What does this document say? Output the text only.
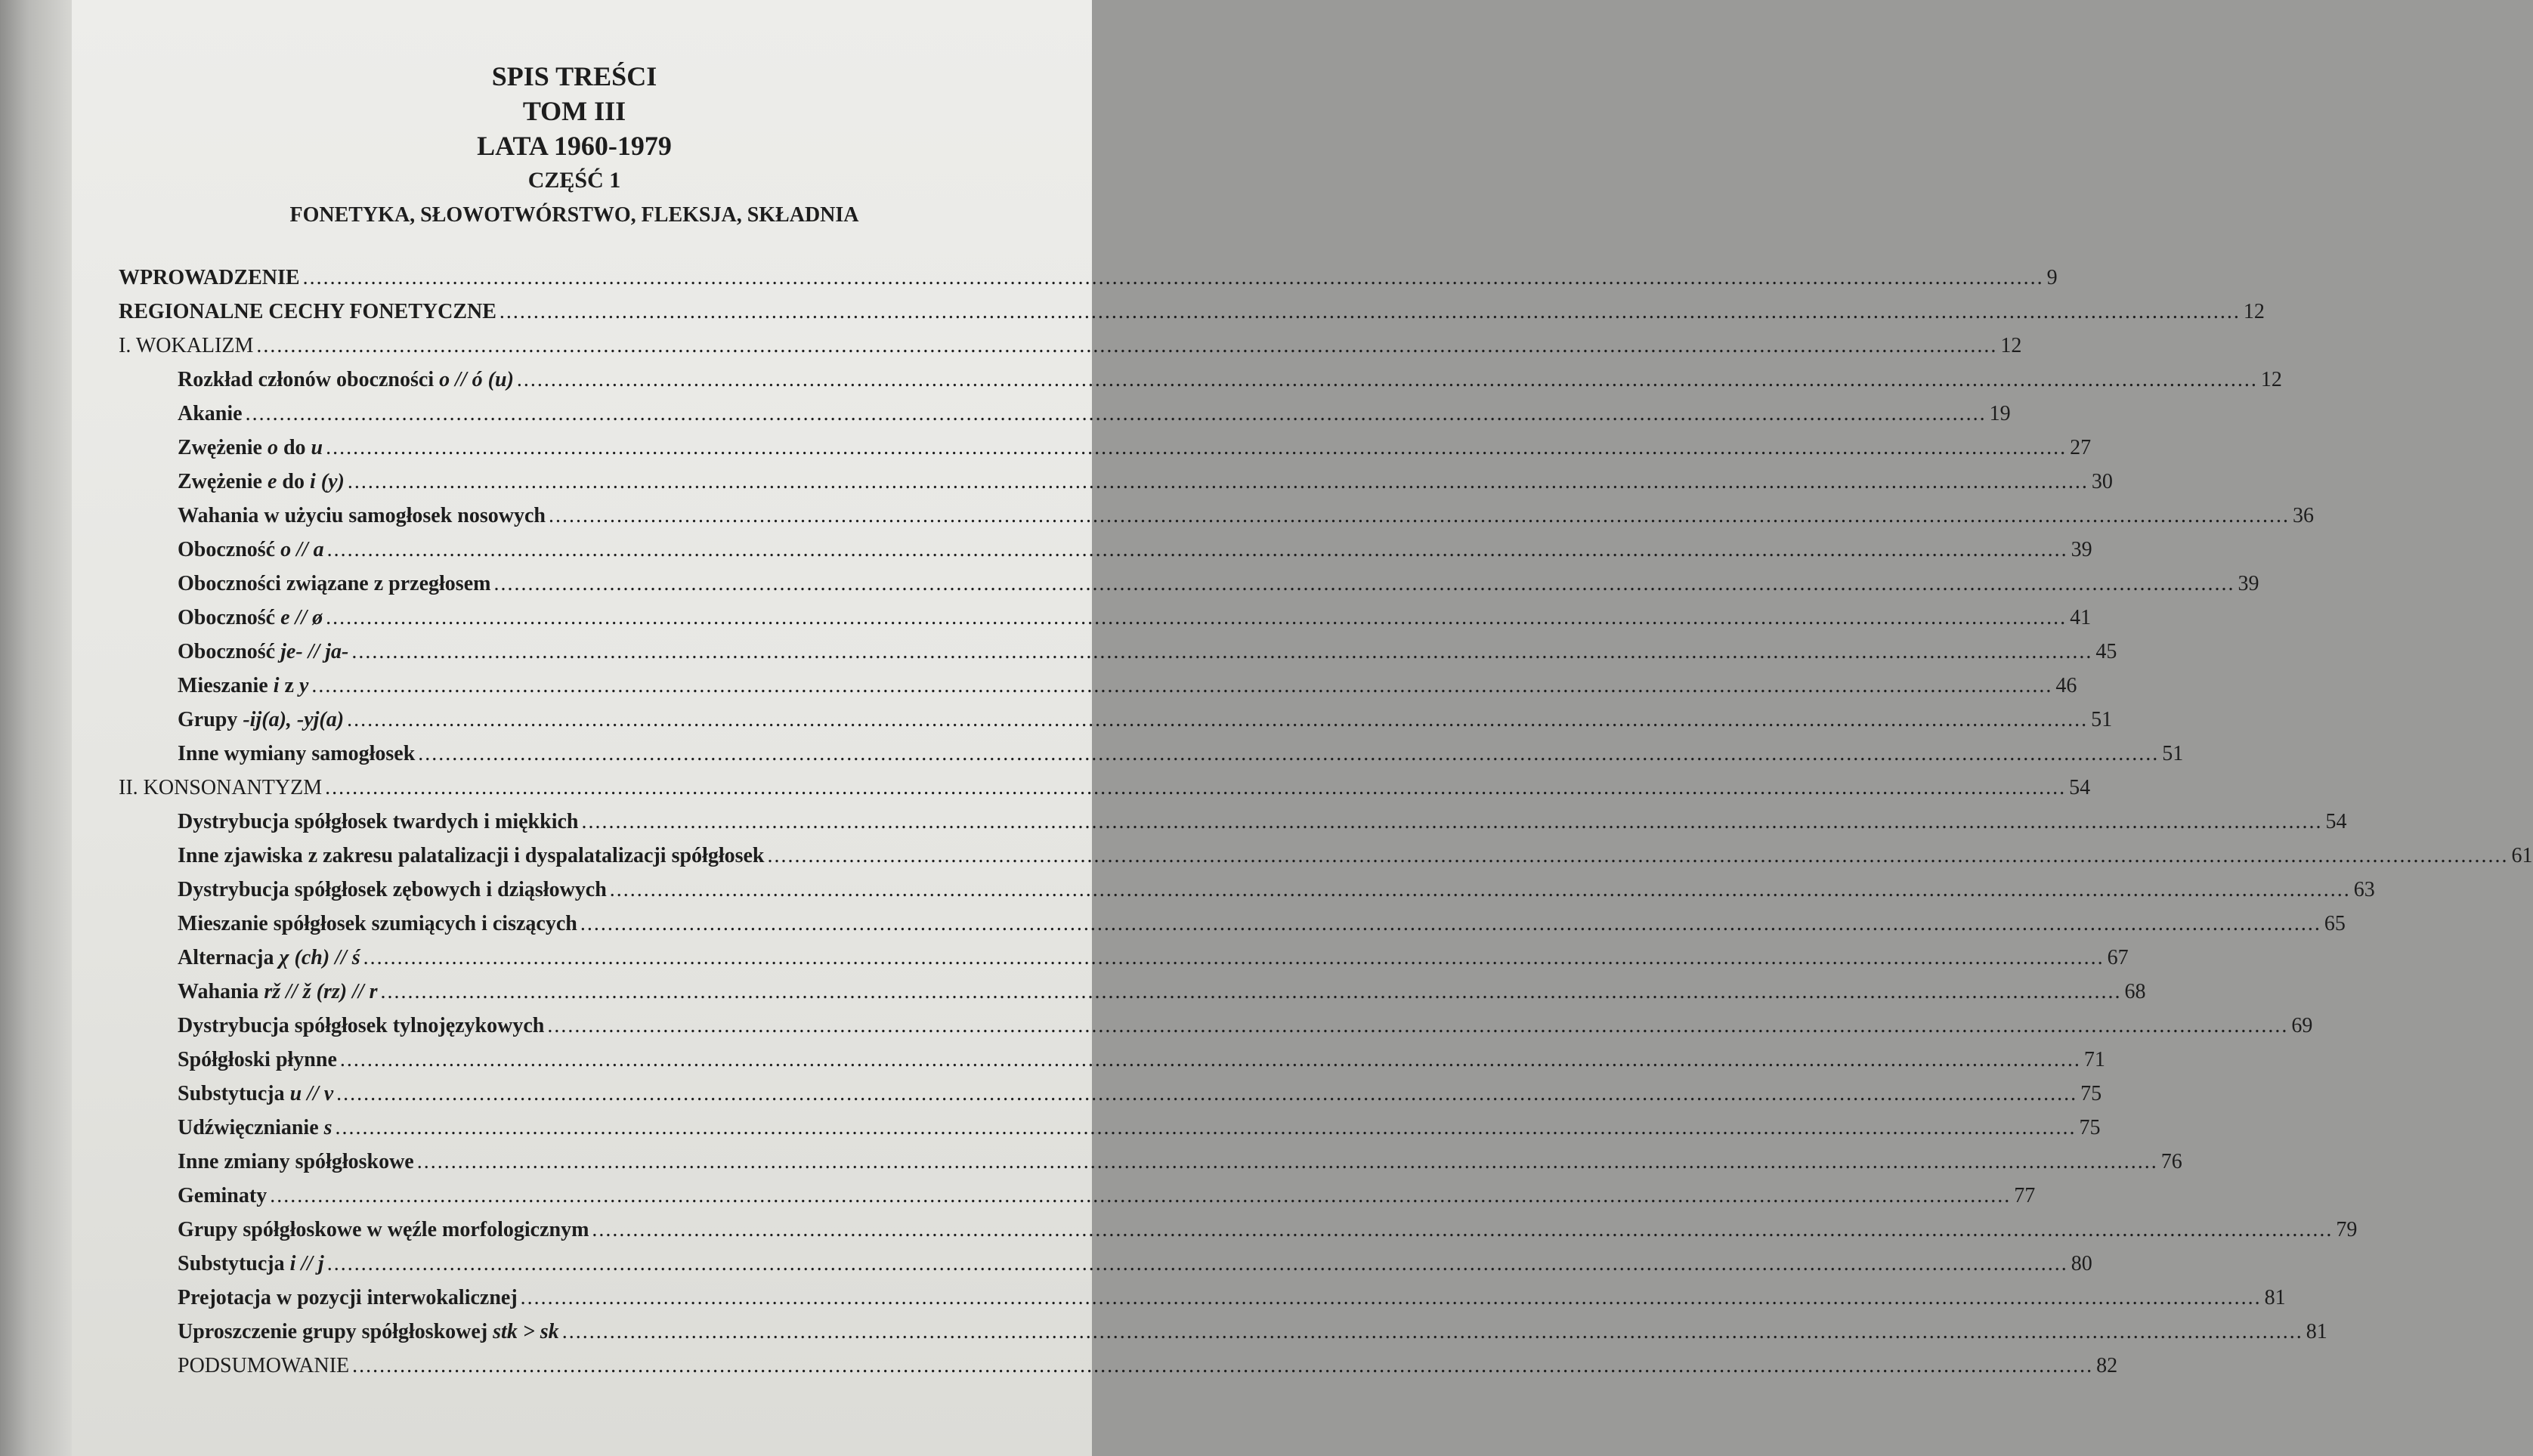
SPIS TREŚCI
TOM III
LATA 1960-1979
CZĘŚĆ 1
FONETYKA, SŁOWOTWÓRSTWO, FLEKSJA, SKŁADNIA
WPROWADZENIE .....	9
REGIONALNE CECHY FONETYCZNE .....	12
I. WOKALIZM .....	12
Rozkład członów oboczności o // ó (u) .....	12
Akanie .....	19
Zwężenie o do u .....	27
Zwężenie e do i (y) .....	30
Wahania w użyciu samogłosek nosowych .....	36
Oboczność o // a .....	39
Oboczności związane z przegłosem .....	39
Oboczność e // ø .....	41
Oboczność je- // ja- .....	45
Mieszanie i z y .....	46
Grupy -ij(a), -yj(a) .....	51
Inne wymiany samogłosek .....	51
II. KONSONANTYZM .....	54
Dystrybucja spółgłosek twardych i miękkich .....	54
Inne zjawiska z zakresu palatalizacji i dyspalatalizacji spółgłosek .....	61
Dystrybucja spółgłosek zębowych i dziąsłowych .....	63
Mieszanie spółgłosek szumiących i ciszących .....	65
Alternacja χ (ch) // ś .....	67
Wahania rž // ž (rz) // r .....	68
Dystrybucja spółgłosek tylnojęzykowych .....	69
Spółgłoski płynne .....	71
Substytucja u // v .....	75
Udźwięcznianie s .....	75
Inne zmiany spółgłoskowe .....	76
Geminaty .....	77
Grupy spółgłoskowe w węźle morfologicznym .....	79
Substytucja i // j .....	80
Prejotacja w pozycji interwokalicznej .....	81
Uproszczenie grupy spółgłoskowej stk > sk .....	81
PODSUMOWANIE .....	82
